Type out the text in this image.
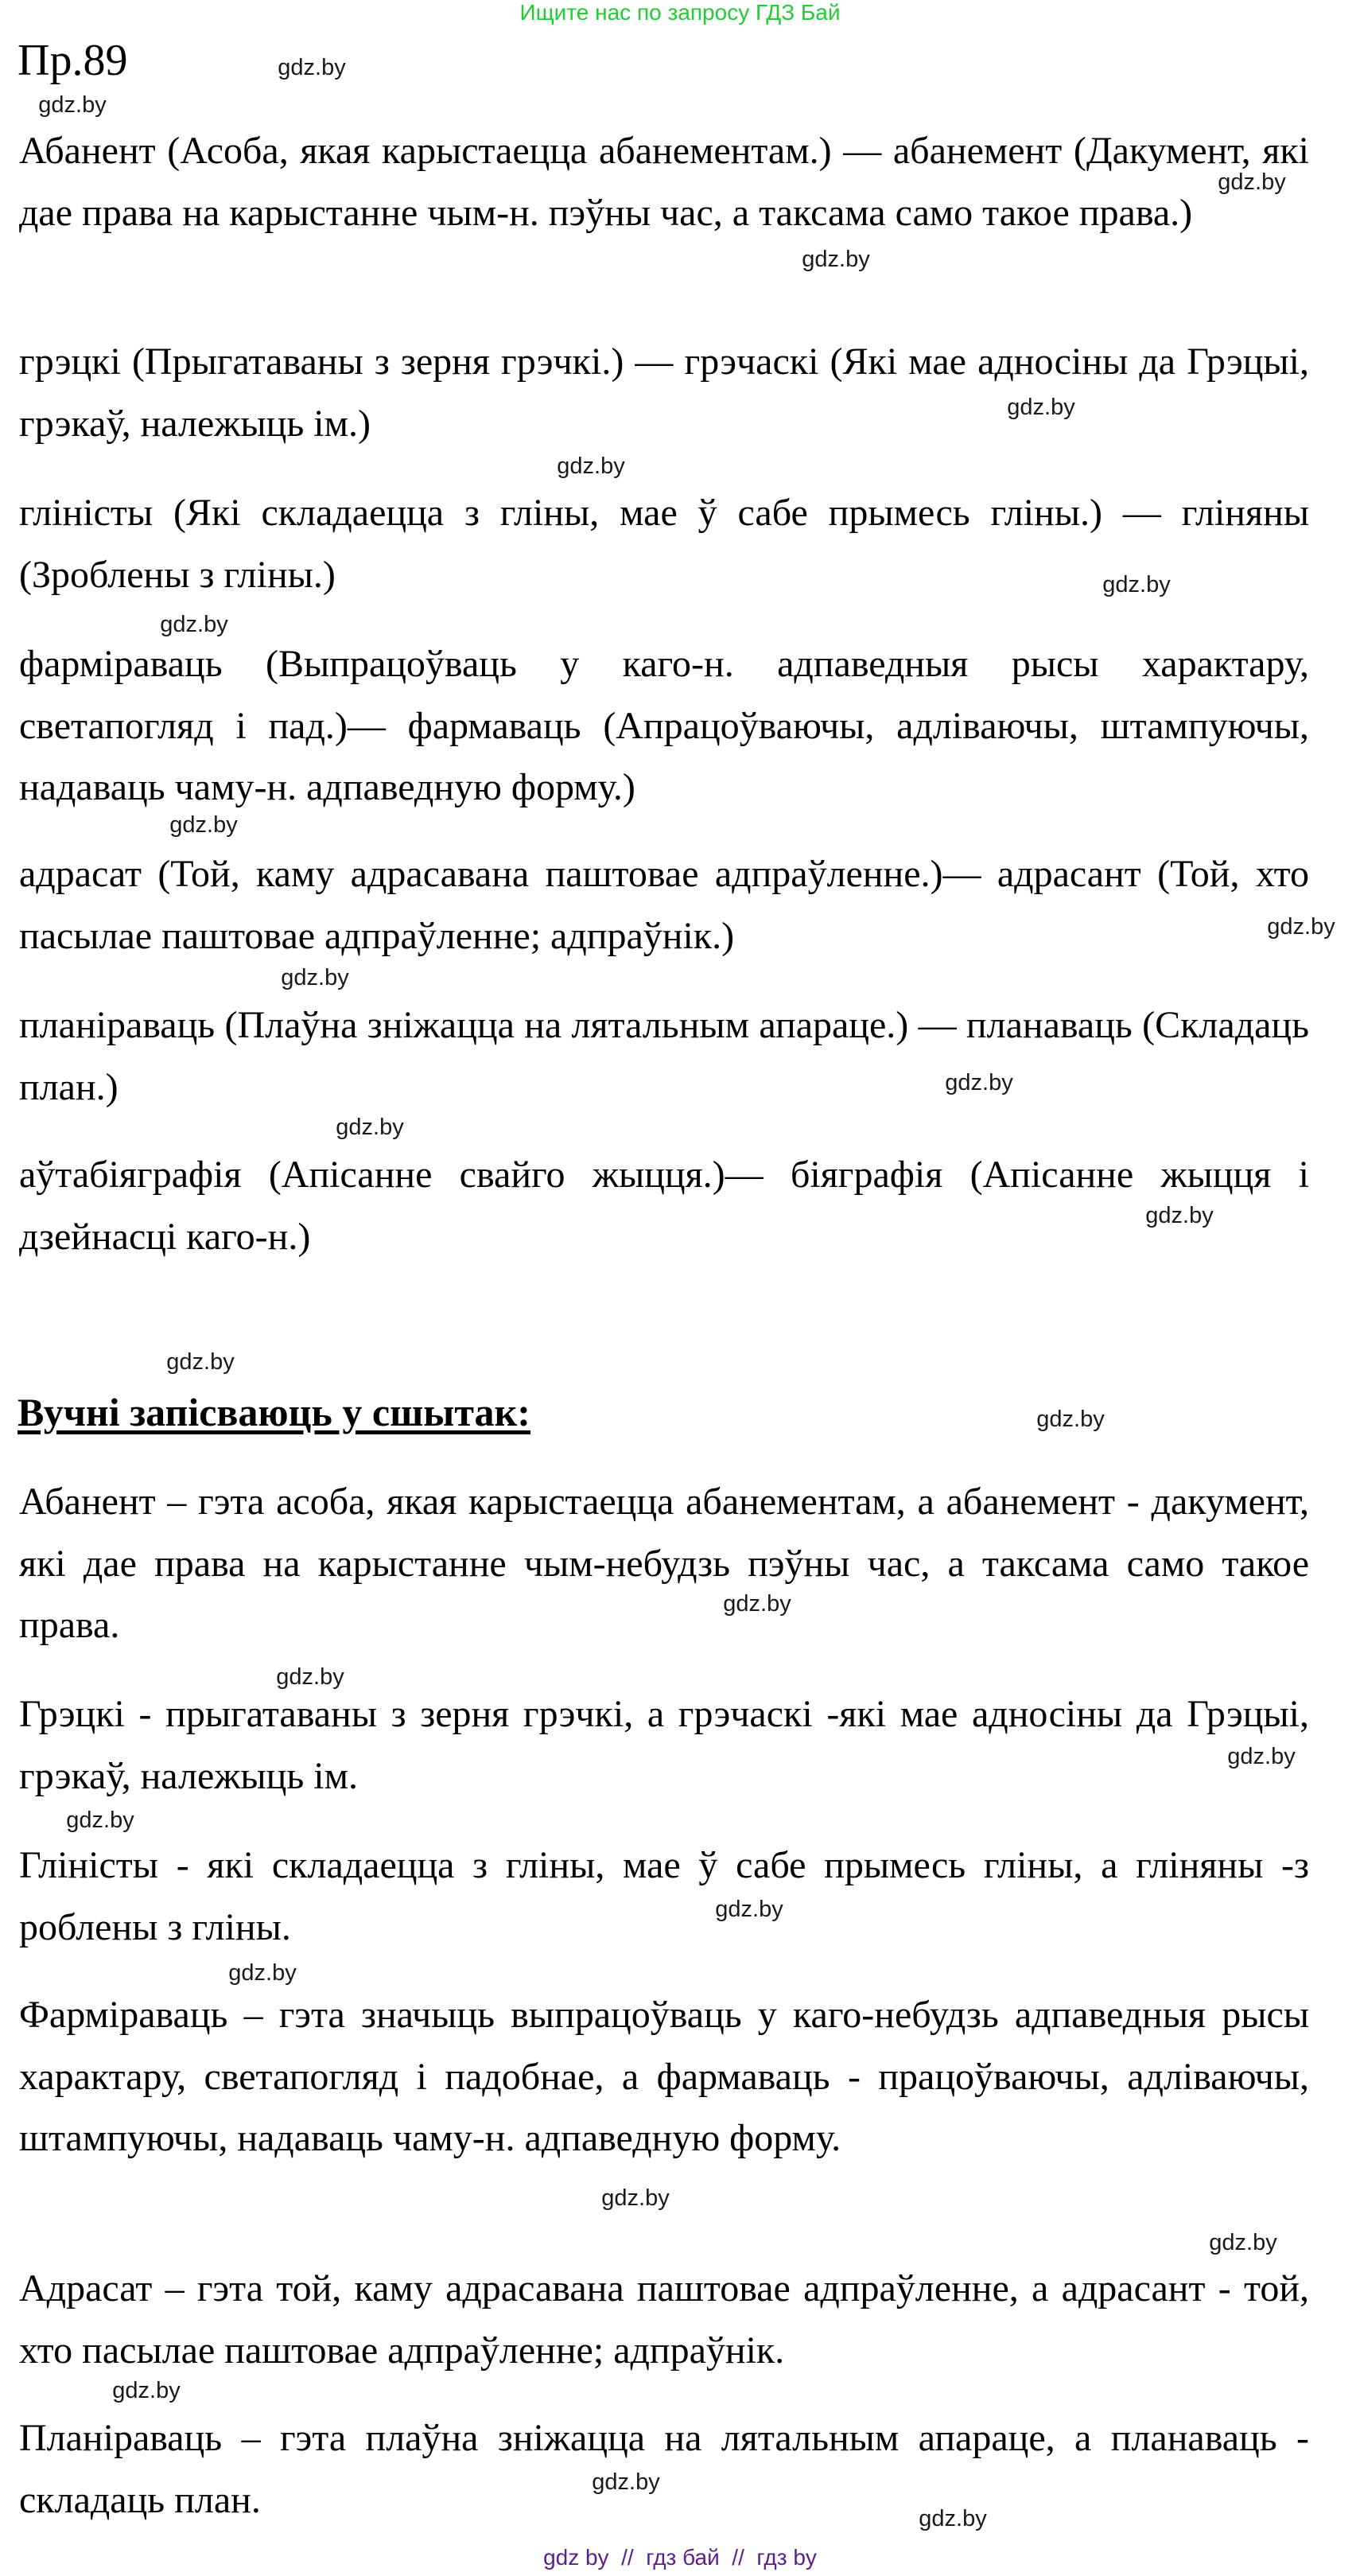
Ищите нас по запросу ГДЗ Бай
Пр.89

Абанент (Асоба, якая карыстаецца абанементам.) — абанемент (Дакумент, які дае права на карыстанне чым-н. пэўны час, а таксама само такое права.)

грэцкі (Прыгатаваны з зерня грэчкі.) — грэчаскі (Які мае адносіны да Грэцыі, грэкаў, належыць ім.)

гліністы (Які складаецца з гліны, мае ў сабе прымесь гліны.) — гліняны (Зроблены з гліны.)

фарміраваць (Выпрацоўваць у каго-н. адпаведныя рысы характару, светапогляд і пад.)— фармаваць (Апрацоўваючы, адліваючы, штампуючы, надаваць чаму-н. адпаведную форму.)

адрасат (Той, каму адрасавана паштовае адпраўленне.)— адрасант (Той, хто пасылае паштовае адпраўленне; адпраўнік.)

планіраваць (Плаўна зніжацца на лятальным апараце.) — планаваць (Складаць план.)

аўтабіяграфія (Апісанне свайго жыцця.)— біяграфія (Апісанне жыцця і дзейнасці каго-н.)

Вучні запісваюць у сшытак:

Абанент – гэта асоба, якая карыстаецца абанементам, а абанемент - дакумент, які дае права на карыстанне чым-небудзь пэўны час, а таксама само такое права.

Грэцкі - прыгатаваны з зерня грэчкі, а грэчаскі -які мае адносіны да Грэцыі, грэкаў, належыць ім.

Гліністы - які складаецца з гліны, мае ў сабе прымесь гліны, а гліняны -з роблены з гліны.

Фарміраваць – гэта значыць выпрацоўваць у каго-небудзь адпаведныя рысы характару, светапогляд і падобнае, а фармаваць - працоўваючы, адліваючы, штампуючы, надаваць чаму-н. адпаведную форму.

Адрасат – гэта той, каму адрасавана паштовае адпраўленне, а адрасант - той, хто пасылае паштовае адпраўленне; адпраўнік.

Планіраваць – гэта плаўна зніжацца на лятальным апараце, а планаваць - складаць план.

gdz.by
gdz.by
gdz.by
gdz.by
gdz.by
gdz.by
gdz.by
gdz.by
gdz.by
gdz.by
gdz.by
gdz.by
gdz.by
gdz.by
gdz.by
gdz.by
gdz.by
gdz.by
gdz.by
gdz.by
gdz.by
gdz.by
gdz.by
gdz.by
gdz.by
gdz.by
gdz.by
gdz by  //  гдз бай  //  гдз by
